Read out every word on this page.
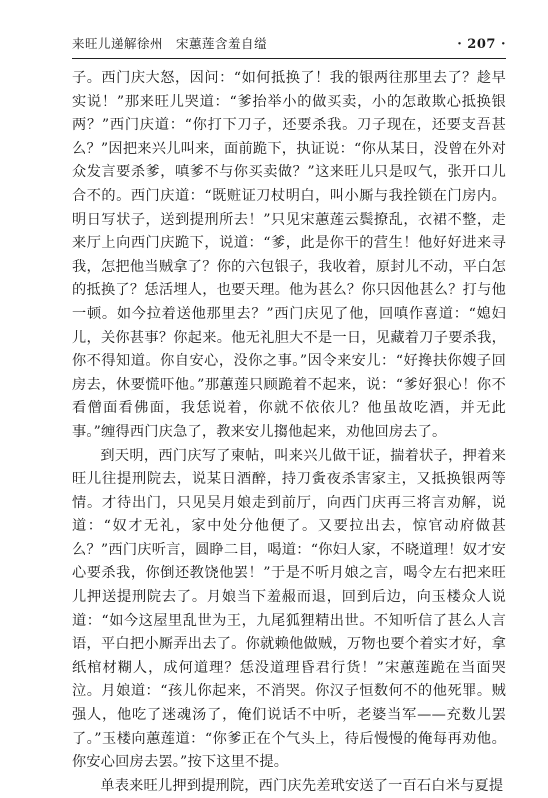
来旺儿递解徐州　宋蕙莲含羞自缢	· 207 ·

子。西门庆大怒，因问：“如何抵换了！我的银两往那里去了？趁早实说！”那来旺儿哭道：“爹抬举小的做买卖，小的怎敢欺心抵换银两？”西门庆道：“你打下刀子，还要杀我。刀子现在，还要支吾甚么？”因把来兴儿叫来，面前跪下，执证说：“你从某日，没曾在外对众发言要杀爹，嗔爹不与你买卖做？”这来旺儿只是叹气，张开口儿合不的。西门庆道：“既赃证刀杖明白，叫小厮与我拴锁在门房内。明日写状子，送到提刑所去！”只见宋蕙莲云鬓撩乱，衣裙不整，走来厅上向西门庆跪下，说道：“爹，此是你干的营生！他好好进来寻我，怎把他当贼拿了？你的六包银子，我收着，原封儿不动，平白怎的抵换了？恁活埋人，也要天理。他为甚么？你只因他甚么？打与他一顿。如今拉着送他那里去？”西门庆见了他，回嗔作喜道：“媳妇儿，关你甚事？你起来。他无礼胆大不是一日，见藏着刀子要杀我，你不得知道。你自安心，没你之事。”因令来安儿：“好搀扶你嫂子回房去，休要慌吓他。”那蕙莲只顾跪着不起来，说：“爹好狠心！你不看僧面看佛面，我恁说着，你就不依依儿？他虽故吃酒，并无此事。”缠得西门庆急了，教来安儿搊他起来，劝他回房去了。

到天明，西门庆写了柬帖，叫来兴儿做干证，揣着状子，押着来旺儿往提刑院去，说某日酒醉，持刀夤夜杀害家主，又抵换银两等情。才待出门，只见吴月娘走到前厅，向西门庆再三将言劝解，说道：“奴才无礼，家中处分他便了。又要拉出去，惊官动府做甚么？”西门庆听言，圆睁二目，喝道：“你妇人家，不晓道理！奴才安心要杀我，你倒还教饶他罢！”于是不听月娘之言，喝令左右把来旺儿押送提刑院去了。月娘当下羞赧而退，回到后边，向玉楼众人说道：“如今这屋里乱世为王，九尾狐狸精出世。不知听信了甚么人言语，平白把小厮弄出去了。你就赖他做贼，万物也要个着实才好，拿纸棺材糊人，成何道理？恁没道理昏君行货！”宋蕙莲跪在当面哭泣。月娘道：“孩儿你起来，不消哭。你汉子恒数何不的他死罪。贼强人，他吃了迷魂汤了，俺们说话不中听，老婆当军——充数儿罢了。”玉楼向蕙莲道：“你爹正在个气头上，待后慢慢的俺每再劝他。你安心回房去罢。”按下这里不提。

单表来旺儿押到提刑院，西门庆先差玳安送了一百石白米与夏提
